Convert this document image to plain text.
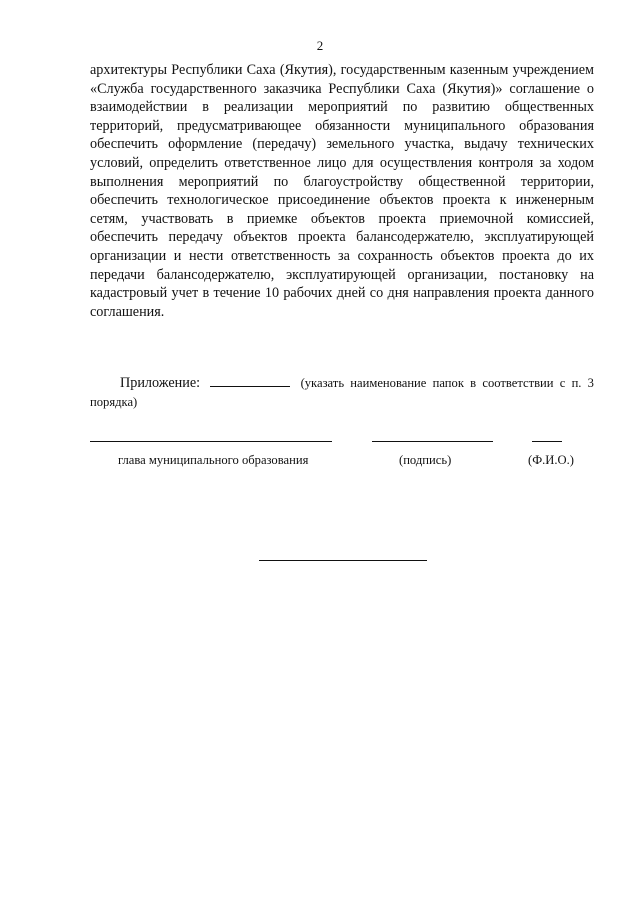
2

архитектуры Республики Саха (Якутия), государственным казенным учреждением «Служба государственного заказчика Республики Саха (Якутия)» соглашение о взаимодействии в реализации мероприятий по развитию общественных территорий, предусматривающее обязанности муниципального образования обеспечить оформление (передачу) земельного участка, выдачу технических условий, определить ответственное лицо для осуществления контроля за ходом выполнения мероприятий по благоустройству общественной территории, обеспечить технологическое присоединение объектов проекта к инженерным сетям, участвовать в приемке объектов проекта приемочной комиссией, обеспечить передачу объектов проекта балансодержателю, эксплуатирующей организации и нести ответственность за сохранность объектов проекта до их передачи балансодержателю, эксплуатирующей организации, постановку на кадастровый учет в течение 10 рабочих дней со дня направления проекта данного соглашения.

Приложение:	(указать наименование папок в соответствии с п. 3 порядка)

глава муниципального образования	(подпись)	(Ф.И.О.)
